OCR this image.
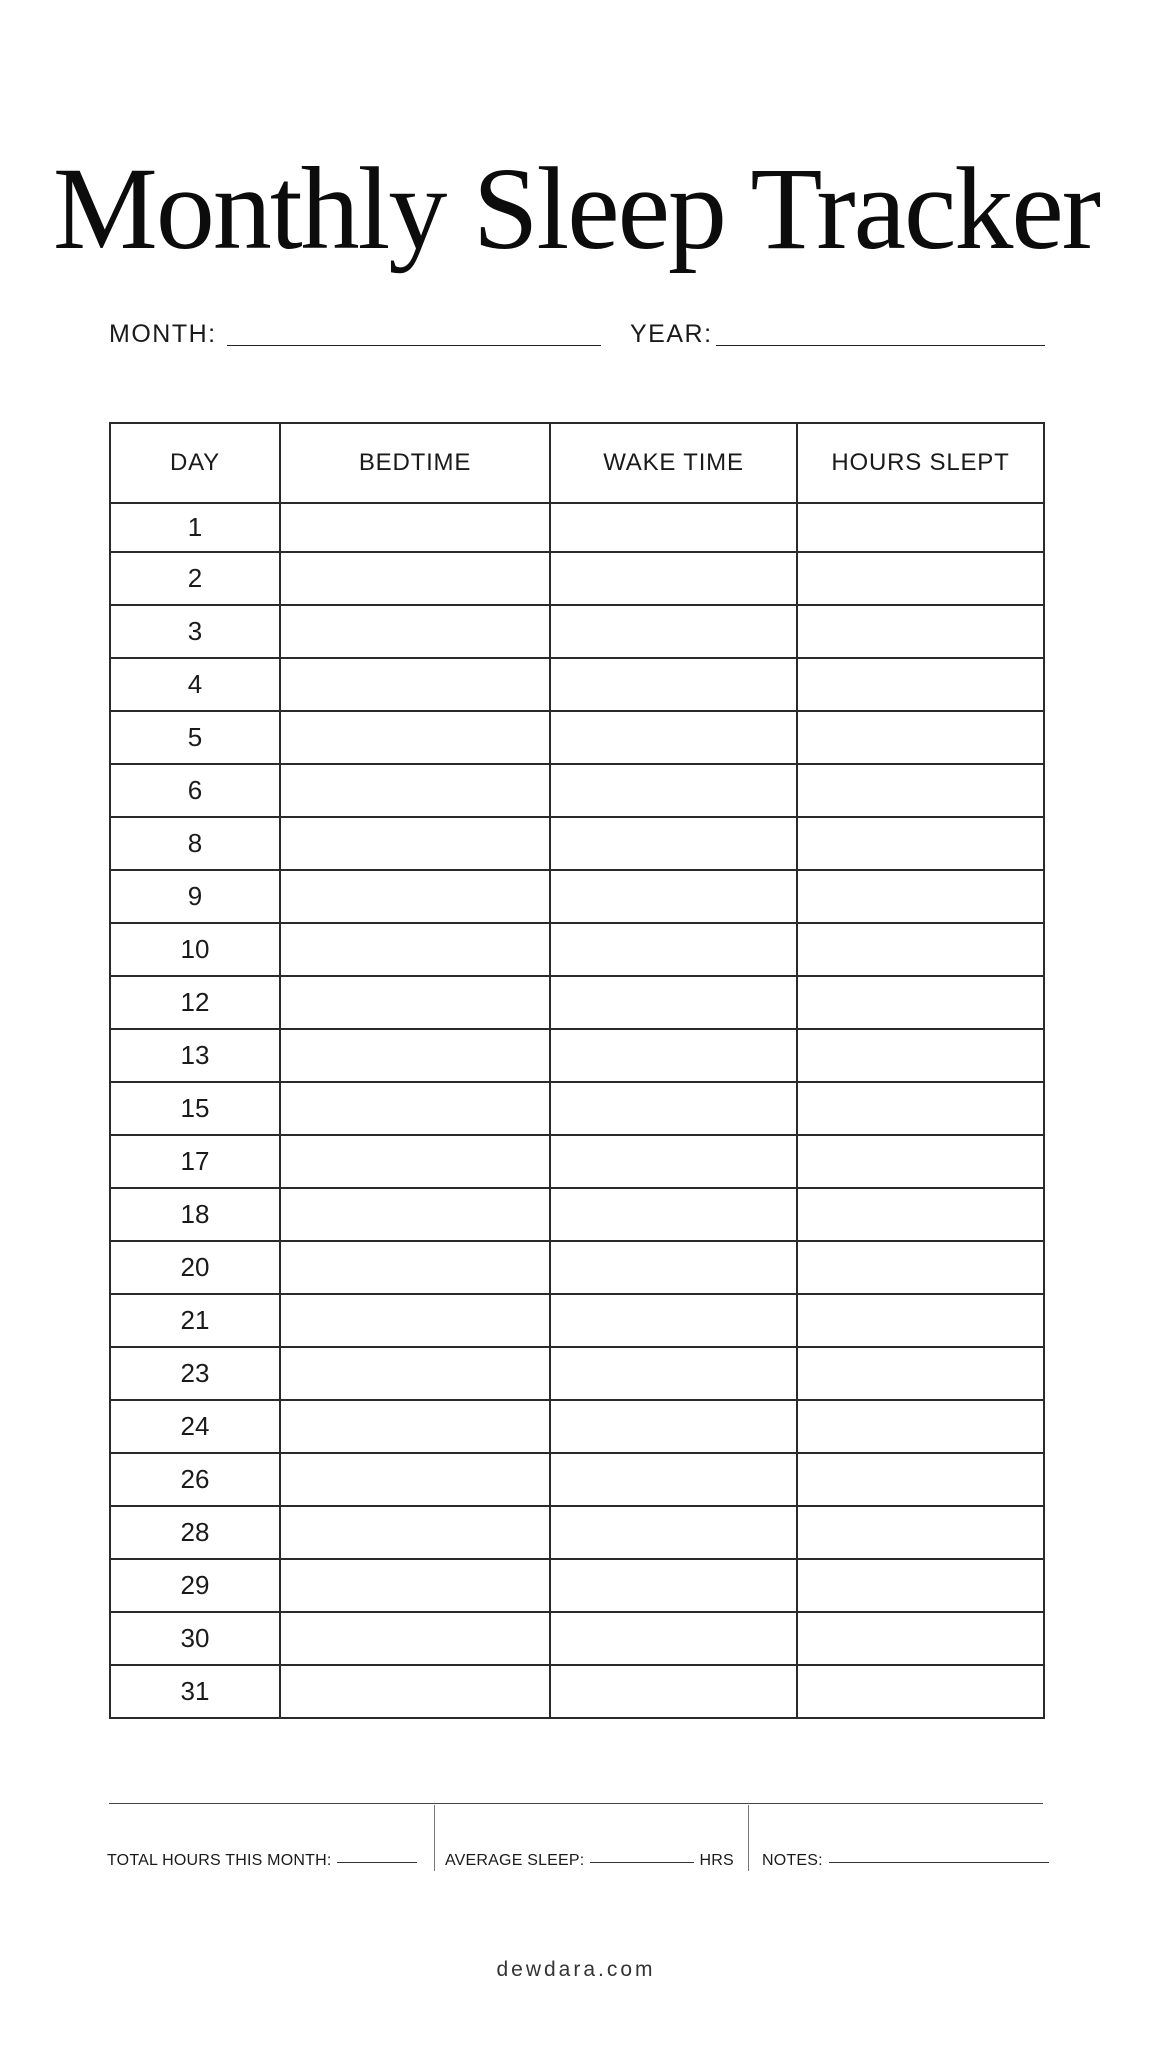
Monthly Sleep Tracker
MONTH:	YEAR:
DAY	BEDTIME	WAKE TIME	HOURS SLEPT
1			
2			
3			
4			
5			
6			
8			
9			
10			
12			
13			
15			
17			
18			
20			
21			
23			
24			
26			
28			
29			
30			
31			
TOTAL HOURS THIS MONTH:	AVERAGE SLEEP:	HRS NOTES:
dewdara.com
